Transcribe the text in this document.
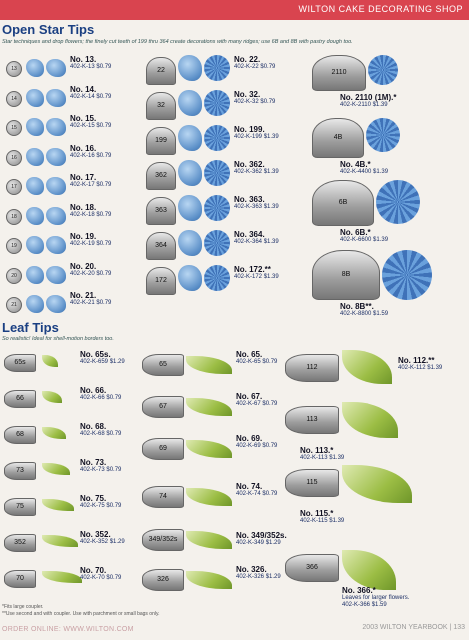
WILTON CAKE DECORATING SHOP
Open Star Tips
Star techniques and drop flowers; the finely cut teeth of 199 thru 364 create decorations with many ridges; use 6B and 8B with pastry dough too.
13
No. 13.
402-K-13 $0.79
14
No. 14.
402-K-14 $0.79
15
No. 15.
402-K-15 $0.79
16
No. 16.
402-K-16 $0.79
17
No. 17.
402-K-17 $0.79
18
No. 18.
402-K-18 $0.79
19
No. 19.
402-K-19 $0.79
20
No. 20.
402-K-20 $0.79
21
No. 21.
402-K-21 $0.79
22
No. 22.
402-K-22 $0.79
32
No. 32.
402-K-32 $0.79
199
No. 199.
402-K-199 $1.39
362
No. 362.
402-K-362 $1.39
363
No. 363.
402-K-363 $1.39
364
No. 364.
402-K-364 $1.39
172
No. 172.**
402-K-172 $1.39
2110
No. 2110 (1M).*
402-K-2110 $1.39
4B
No. 4B.*
402-K-4400 $1.39
6B
No. 6B.*
402-K-6600 $1.39
8B
No. 8B**.
402-K-8800 $1.59
Leaf Tips
So realistic! Ideal for shell-motion borders too.
65s
No. 65s.
402-K-659 $1.29
66
No. 66.
402-K-66 $0.79
68
No. 68.
402-K-68 $0.79
73
No. 73.
402-K-73 $0.79
75
No. 75.
402-K-75 $0.79
352
No. 352.
402-K-352 $1.29
70
No. 70.
402-K-70 $0.79
65
No. 65.
402-K-65 $0.79
67
No. 67.
402-K-67 $0.79
69
No. 69.
402-K-69 $0.79
74
No. 74.
402-K-74 $0.79
349/352s	No. 349/352s.
402-K-349 $1.29
326
No. 326.
402-K-326 $1.29
112
No. 112.**
402-K-112 $1.39
113
No. 113.*
402-K-113 $1.39
115
No. 115.*
402-K-115 $1.39
366
No. 366.*
Leaves for larger flowers.
402-K-366 $1.59
*Fits large coupler.
**Use second and with coupler. Use with parchment or small bags only.
ORDER ONLINE: WWW.WILTON.COM	2003 WILTON YEARBOOK | 133
